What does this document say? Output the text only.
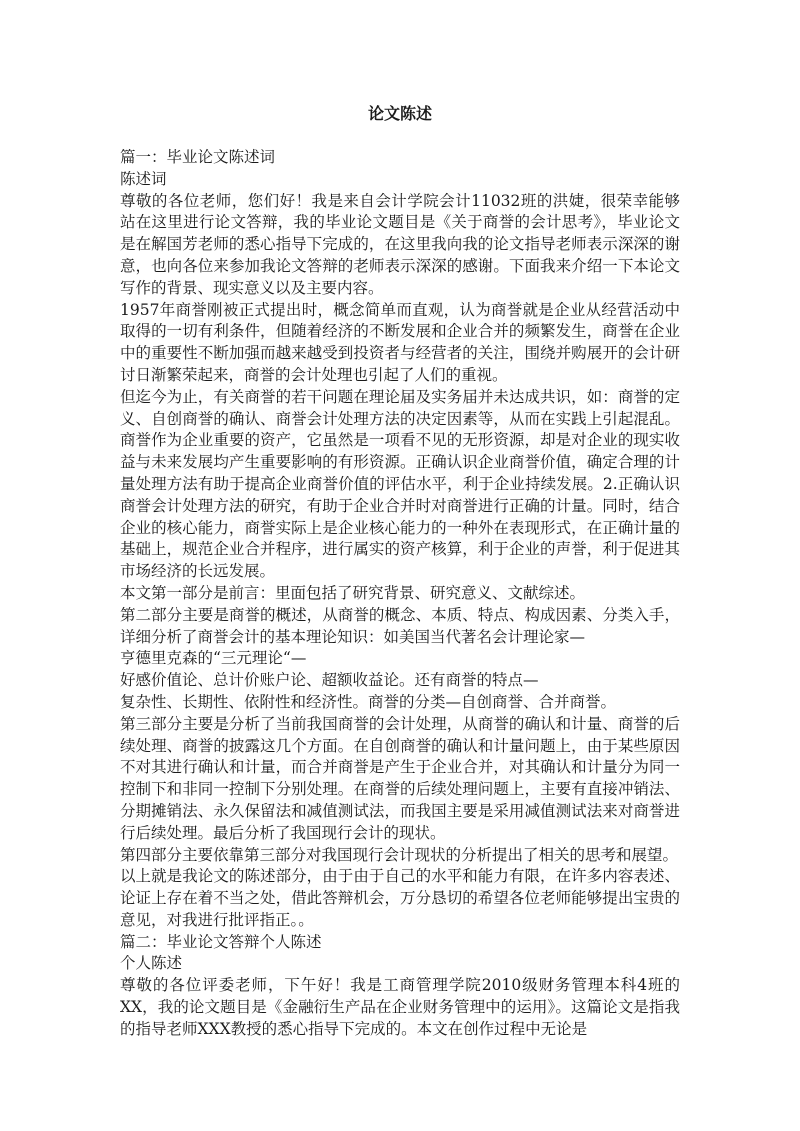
论文陈述

篇一：毕业论文陈述词

陈述词

尊敬的各位老师，您们好！我是来自会计学院会计11032班的洪婕，很荣幸能够站在这里进行论文答辩，我的毕业论文题目是《关于商誉的会计思考》，毕业论文是在解国芳老师的悉心指导下完成的，在这里我向我的论文指导老师表示深深的谢意，也向各位来参加我论文答辩的老师表示深深的感谢。下面我来介绍一下本论文写作的背景、现实意义以及主要内容。

1957年商誉刚被正式提出时，概念简单而直观，认为商誉就是企业从经营活动中取得的一切有利条件，但随着经济的不断发展和企业合并的频繁发生，商誉在企业中的重要性不断加强而越来越受到投资者与经营者的关注，围绕并购展开的会计研讨日渐繁荣起来，商誉的会计处理也引起了人们的重视。

但迄今为止，有关商誉的若干问题在理论届及实务届并未达成共识，如：商誉的定义、自创商誉的确认、商誉会计处理方法的决定因素等，从而在实践上引起混乱。商誉作为企业重要的资产，它虽然是一项看不见的无形资源，却是对企业的现实收益与未来发展均产生重要影响的有形资源。正确认识企业商誉价值，确定合理的计量处理方法有助于提高企业商誉价值的评估水平，利于企业持续发展。2.正确认识商誉会计处理方法的研究，有助于企业合并时对商誉进行正确的计量。同时，结合企业的核心能力，商誉实际上是企业核心能力的一种外在表现形式，在正确计量的基础上，规范企业合并程序，进行属实的资产核算，利于企业的声誉，利于促进其市场经济的长远发展。

本文第一部分是前言：里面包括了研究背景、研究意义、文献综述。

第二部分主要是商誉的概述，从商誉的概念、本质、特点、构成因素、分类入手，详细分析了商誉会计的基本理论知识：如美国当代著名会计理论家—

亨德里克森的“三元理论“—

好感价值论、总计价账户论、超额收益论。还有商誉的特点—

复杂性、长期性、依附性和经济性。商誉的分类—自创商誉、合并商誉。

第三部分主要是分析了当前我国商誉的会计处理，从商誉的确认和计量、商誉的后续处理、商誉的披露这几个方面。在自创商誉的确认和计量问题上，由于某些原因不对其进行确认和计量，而合并商誉是产生于企业合并，对其确认和计量分为同一控制下和非同一控制下分别处理。在商誉的后续处理问题上，主要有直接冲销法、分期摊销法、永久保留法和减值测试法，而我国主要是采用减值测试法来对商誉进行后续处理。最后分析了我国现行会计的现状。

第四部分主要依靠第三部分对我国现行会计现状的分析提出了相关的思考和展望。

以上就是我论文的陈述部分，由于由于自己的水平和能力有限，在许多内容表述、论证上存在着不当之处，借此答辩机会，万分恳切的希望各位老师能够提出宝贵的意见，对我进行批评指正。。

篇二：毕业论文答辩个人陈述

个人陈述

尊敬的各位评委老师，下午好！我是工商管理学院2010级财务管理本科4班的XX，我的论文题目是《金融衍生产品在企业财务管理中的运用》。这篇论文是指我的指导老师XXX教授的悉心指导下完成的。本文在创作过程中无论是
